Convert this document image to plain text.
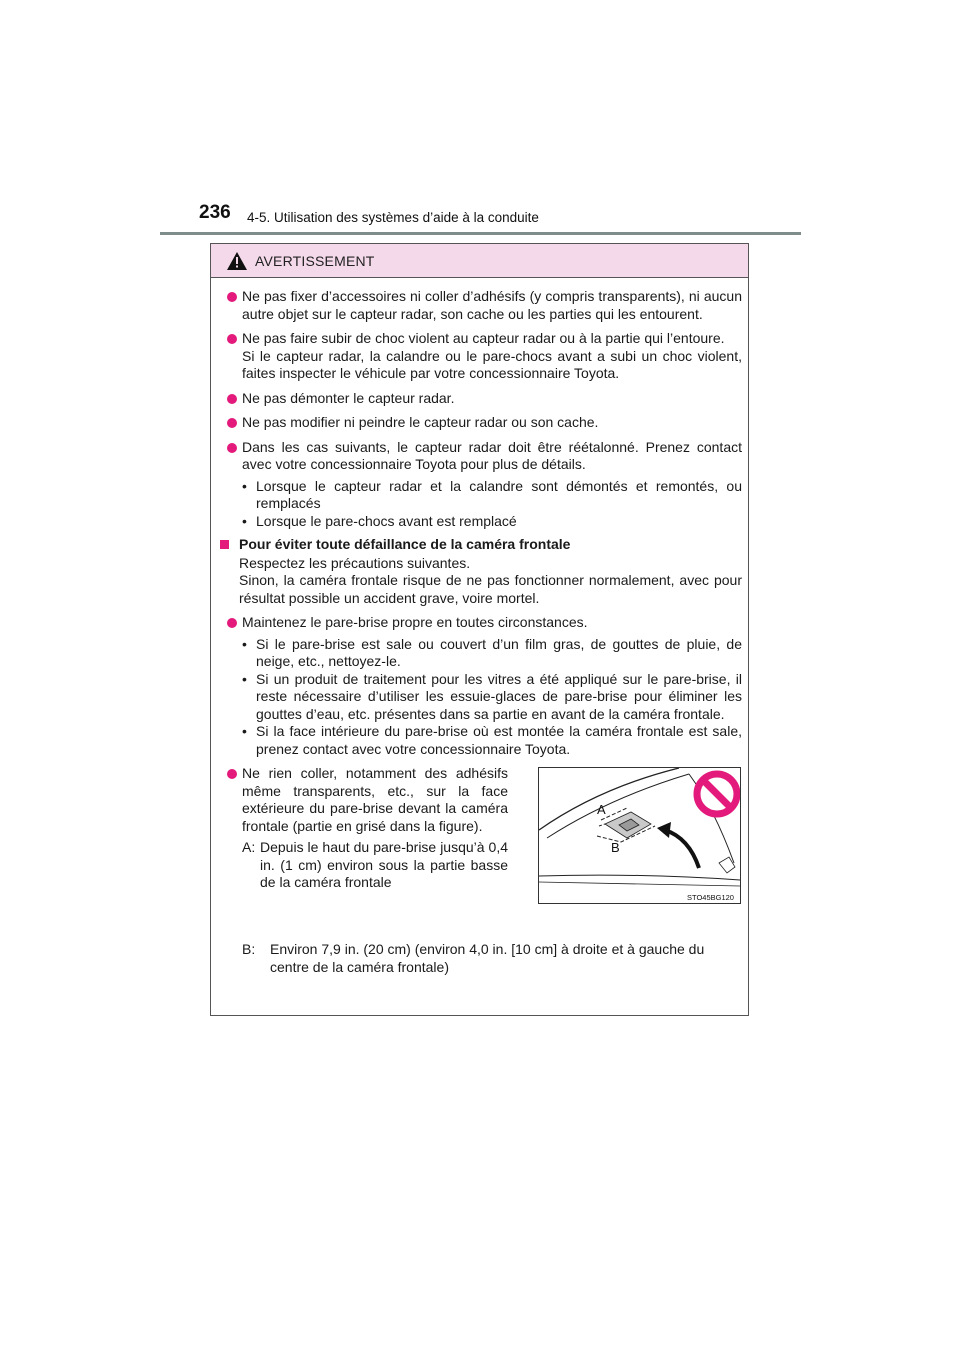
236 4-5. Utilisation des systèmes d’aide à la conduite
AVERTISSEMENT
Ne pas fixer d’accessoires ni coller d’adhésifs (y compris transparents), ni aucun autre objet sur le capteur radar, son cache ou les parties qui les entourent.
Ne pas faire subir de choc violent au capteur radar ou à la partie qui l’entoure.
Si le capteur radar, la calandre ou le pare-chocs avant a subi un choc violent, faites inspecter le véhicule par votre concessionnaire Toyota.
Ne pas démonter le capteur radar.
Ne pas modifier ni peindre le capteur radar ou son cache.
Dans les cas suivants, le capteur radar doit être réétalonné. Prenez contact avec votre concessionnaire Toyota pour plus de détails.
• Lorsque le capteur radar et la calandre sont démontés et remontés, ou remplacés
• Lorsque le pare-chocs avant est remplacé
Pour éviter toute défaillance de la caméra frontale
Respectez les précautions suivantes.
Sinon, la caméra frontale risque de ne pas fonctionner normalement, avec pour résultat possible un accident grave, voire mortel.
Maintenez le pare-brise propre en toutes circonstances.
• Si le pare-brise est sale ou couvert d’un film gras, de gouttes de pluie, de neige, etc., nettoyez-le.
• Si un produit de traitement pour les vitres a été appliqué sur le pare-brise, il reste nécessaire d’utiliser les essuie-glaces de pare-brise pour éliminer les gouttes d’eau, etc. présentes dans sa partie en avant de la caméra frontale.
• Si la face intérieure du pare-brise où est montée la caméra frontale est sale, prenez contact avec votre concessionnaire Toyota.
Ne rien coller, notamment des adhésifs même transparents, etc., sur la face extérieure du pare-brise devant la caméra frontale (partie en grisé dans la figure).
A: Depuis le haut du pare-brise jusqu’à 0,4 in. (1 cm) environ sous la partie basse de la caméra frontale
A
B
STO45BG120
B: Environ 7,9 in. (20 cm) (environ 4,0 in. [10 cm] à droite et à gauche du centre de la caméra frontale)
